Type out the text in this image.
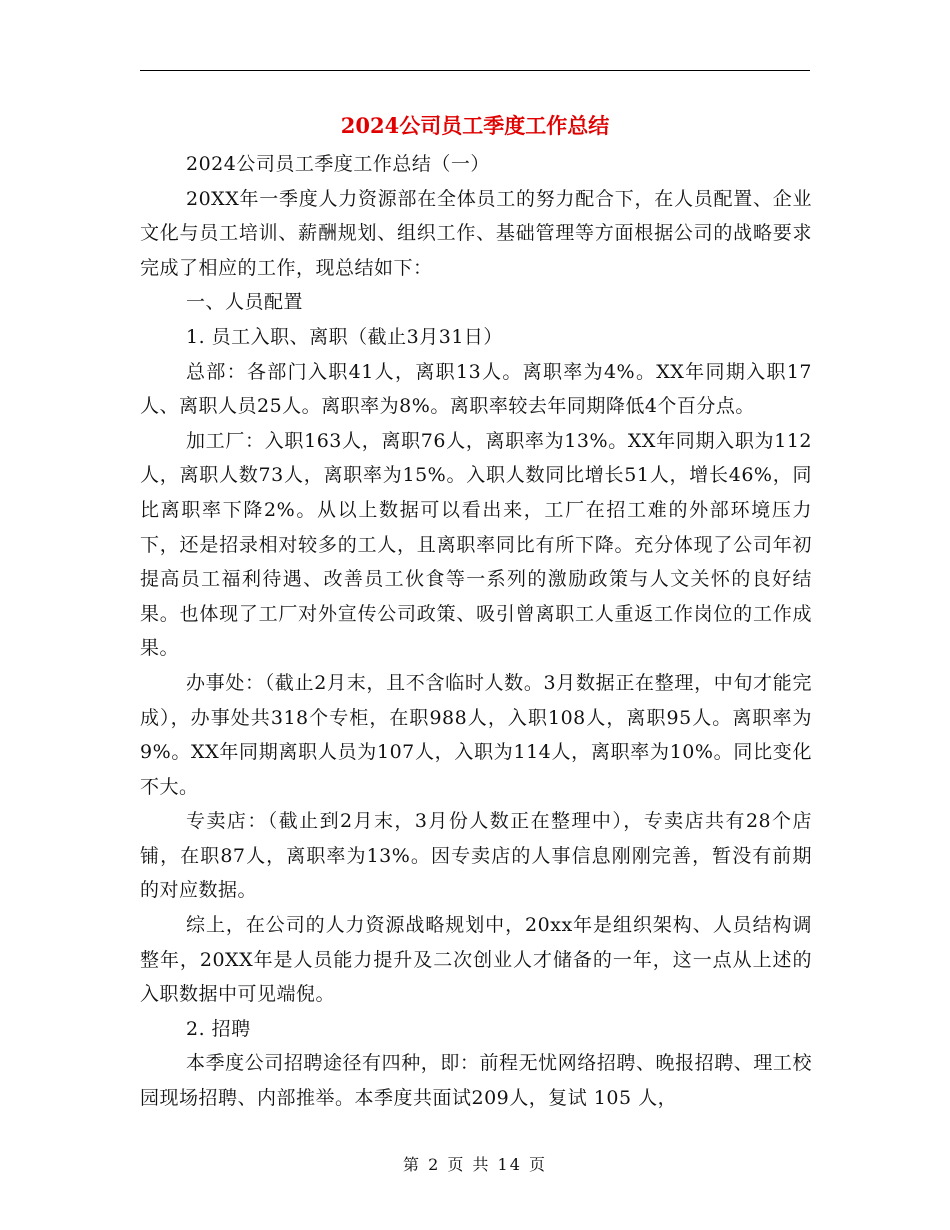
2024公司员工季度工作总结

2024公司员工季度工作总结（一）

20XX年一季度人力资源部在全体员工的努力配合下，在人员配置、企业文化与员工培训、薪酬规划、组织工作、基础管理等方面根据公司的战略要求完成了相应的工作，现总结如下：

一、人员配置

1. 员工入职、离职（截止3月31日）

总部：各部门入职41人，离职13人。离职率为4%。XX年同期入职17人、离职人员25人。离职率为8%。离职率较去年同期降低4个百分点。

加工厂：入职163人，离职76人，离职率为13%。XX年同期入职为112人，离职人数73人，离职率为15%。入职人数同比增长51人，增长46%，同比离职率下降2%。从以上数据可以看出来，工厂在招工难的外部环境压力下，还是招录相对较多的工人，且离职率同比有所下降。充分体现了公司年初提高员工福利待遇、改善员工伙食等一系列的激励政策与人文关怀的良好结果。也体现了工厂对外宣传公司政策、吸引曾离职工人重返工作岗位的工作成果。

办事处：（截止2月末，且不含临时人数。3月数据正在整理，中旬才能完成），办事处共318个专柜，在职988人，入职108人，离职95人。离职率为9%。XX年同期离职人员为107人，入职为114人，离职率为10%。同比变化不大。

专卖店：（截止到2月末，3月份人数正在整理中），专卖店共有28个店铺，在职87人，离职率为13%。因专卖店的人事信息刚刚完善，暂没有前期的对应数据。

综上，在公司的人力资源战略规划中，20xx年是组织架构、人员结构调整年，20XX年是人员能力提升及二次创业人才储备的一年，这一点从上述的入职数据中可见端倪。

2. 招聘

本季度公司招聘途径有四种，即：前程无忧网络招聘、晚报招聘、理工校园现场招聘、内部推举。本季度共面试209人，复试 105 人，

第 2 页 共 14 页
